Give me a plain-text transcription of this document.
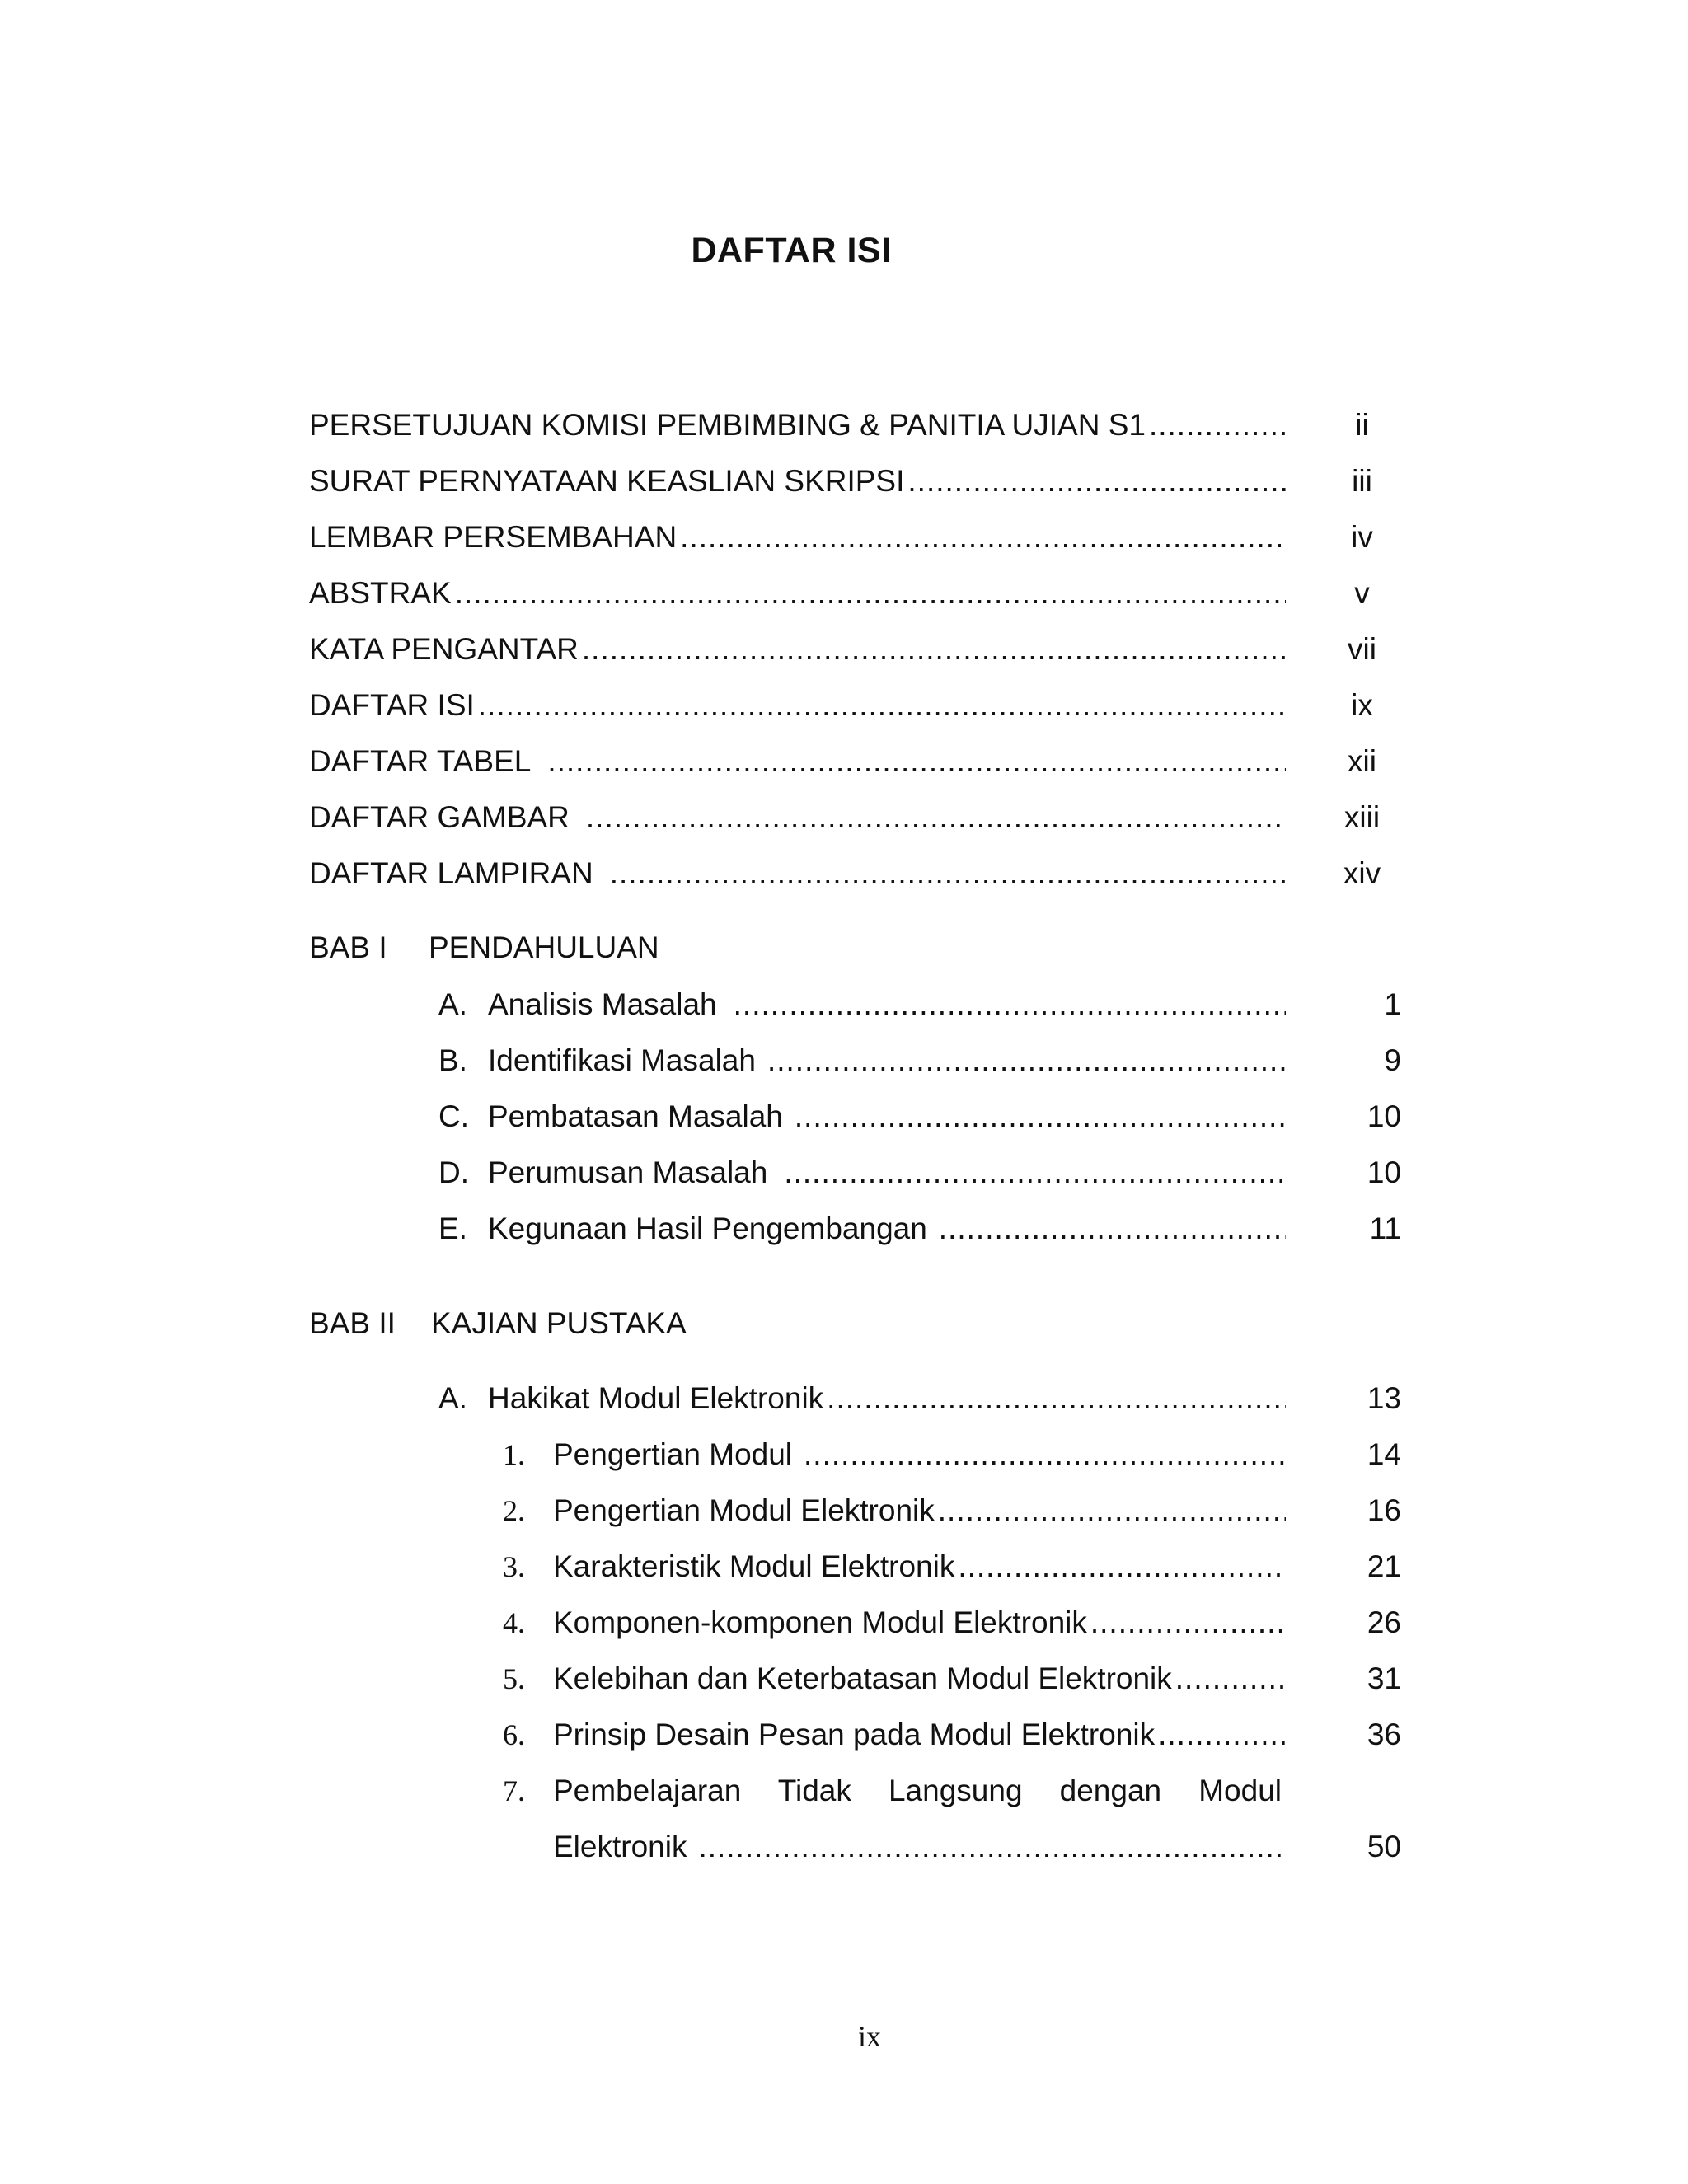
DAFTAR ISI
PERSETUJUAN KOMISI PEMBIMBING & PANITIA UJIAN S1 .....	ii
SURAT PERNYATAAN KEASLIAN SKRIPSI .....	iii
LEMBAR PERSEMBAHAN .....	iv
ABSTRAK .....	v
KATA PENGANTAR .....	vii
DAFTAR ISI .....	ix
DAFTAR TABEL .....	xii
DAFTAR GAMBAR .....	xiii
DAFTAR LAMPIRAN .....	xiv
BAB I PENDAHULUAN
A. Analisis Masalah .....	1
B. Identifikasi Masalah .....	9
C. Pembatasan Masalah .....	10
D. Perumusan Masalah .....	10
E. Kegunaan Hasil Pengembangan .....	11
BAB II KAJIAN PUSTAKA
A. Hakikat Modul Elektronik .....	13
1. Pengertian Modul .....	14
2. Pengertian Modul Elektronik .....	16
3. Karakteristik Modul Elektronik .....	21
4. Komponen-komponen Modul Elektronik .....	26
5. Kelebihan dan Keterbatasan Modul Elektronik .....	31
6. Prinsip Desain Pesan pada Modul Elektronik .....	36
7. Pembelajaran Tidak Langsung dengan Modul
Elektronik .....	50
ix
